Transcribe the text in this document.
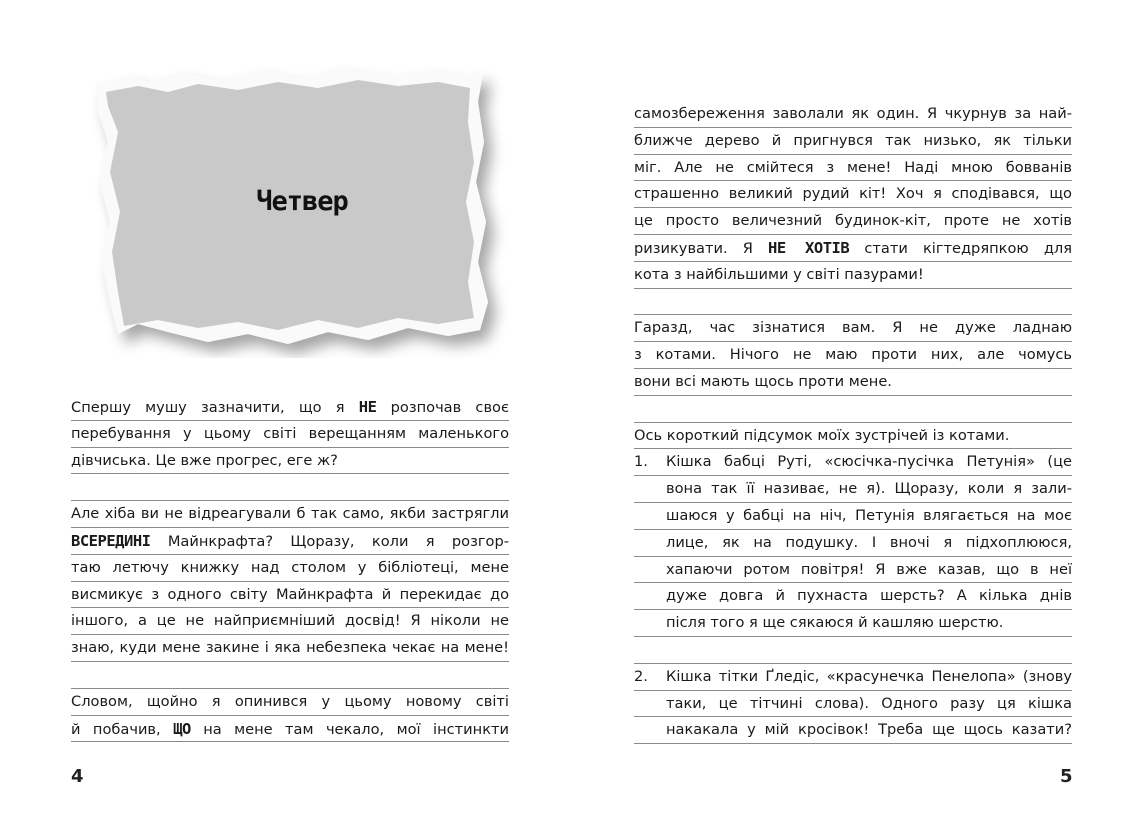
Четвер
Спершу мушу зазначити, що я НЕ розпочав своє
перебування у цьому світі верещанням маленького
дівчиська. Це вже прогрес, еге ж?
Але хіба ви не відреагували б так само, якби застрягли
ВСЕРЕДИНІ Майнкрафта? Щоразу, коли я розгор-
таю летючу книжку над столом у бібліотеці, мене
висмикує з одного світу Майнкрафта й перекидає до
іншого, а це не найприємніший досвід! Я ніколи не
знаю, куди мене закине і яка небезпека чекає на мене!
Словом, щойно я опинився у цьому новому світі
й побачив, ЩО на мене там чекало, мої інстинкти
самозбереження заволали як один. Я чкурнув за най-
ближче дерево й пригнувся так низько, як тільки
міг. Але не смійтеся з мене! Наді мною бовванів
страшенно великий рудий кіт! Хоч я сподівався, що
це просто величезний будинок-кіт, проте не хотів
ризикувати. Я НЕ ХОТІВ стати кігтедряпкою для
кота з найбільшими у світі пазурами!
Гаразд, час зізнатися вам. Я не дуже ладнаю
з котами. Нічого не маю проти них, але чомусь
вони всі мають щось проти мене.
Ось короткий підсумок моїх зустрічей із котами.
1. Кішка бабці Руті, «сюсічка-пусічка Петунія» (це
вона так її називає, не я). Щоразу, коли я зали-
шаюся у бабці на ніч, Петунія влягається на моє
лице, як на подушку. І вночі я підхоплююся,
хапаючи ротом повітря! Я вже казав, що в неї
дуже довга й пухнаста шерсть? А кілька днів
після того я ще сякаюся й кашляю шерстю.
2. Кішка тітки Ґледіс, «красунечка Пенелопа» (знову
таки, це тітчині слова). Одного разу ця кішка
накакала у мій кросівок! Треба ще щось казати?
4	5
